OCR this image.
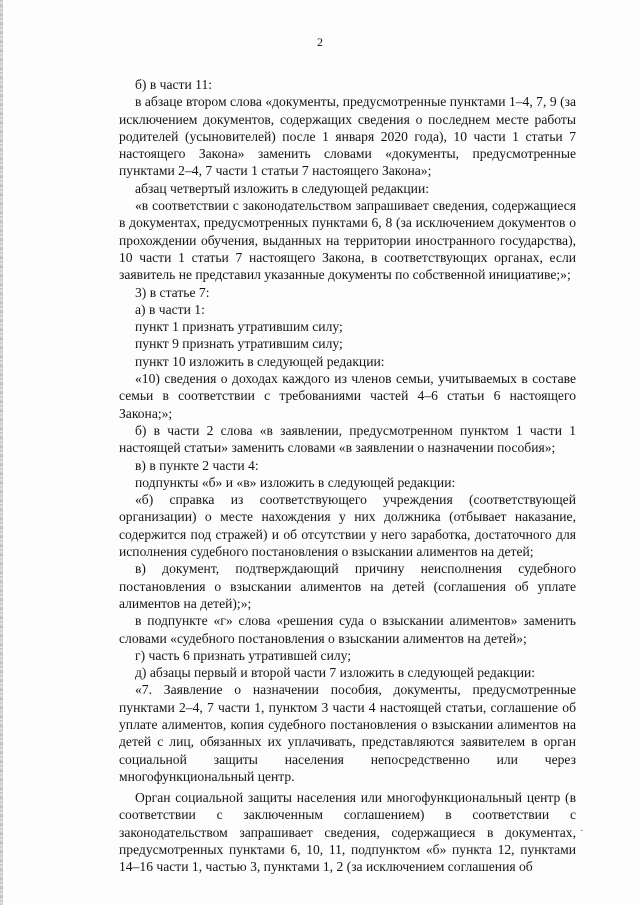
2

б) в части 11:

в абзаце втором слова «документы, предусмотренные пунктами 1–4, 7, 9 (за исключением документов, содержащих сведения о последнем месте работы родителей (усыновителей) после 1 января 2020 года), 10 части 1 статьи 7 настоящего Закона» заменить словами «документы, предусмотренные пунктами 2–4, 7 части 1 статьи 7 настоящего Закона»;

абзац четвертый изложить в следующей редакции:

«в соответствии с законодательством запрашивает сведения, содержащиеся в документах, предусмотренных пунктами 6, 8 (за исключением документов о прохождении обучения, выданных на территории иностранного государства), 10 части 1 статьи 7 настоящего Закона, в соответствующих органах, если заявитель не представил указанные документы по собственной инициативе;»;

3) в статье 7:

а) в части 1:

пункт 1 признать утратившим силу;

пункт 9 признать утратившим силу;

пункт 10 изложить в следующей редакции:

«10) сведения о доходах каждого из членов семьи, учитываемых в составе семьи в соответствии с требованиями частей 4–6 статьи 6 настоящего Закона;»;

б) в части 2 слова «в заявлении, предусмотренном пунктом 1 части 1 настоящей статьи» заменить словами «в заявлении о назначении пособия»;

в) в пункте 2 части 4:

подпункты «б» и «в» изложить в следующей редакции:

«б) справка из соответствующего учреждения (соответствующей организации) о месте нахождения у них должника (отбывает наказание, содержится под стражей) и об отсутствии у него заработка, достаточного для исполнения судебного постановления о взыскании алиментов на детей;

в) документ, подтверждающий причину неисполнения судебного постановления о взыскании алиментов на детей (соглашения об уплате алиментов на детей);»;

в подпункте «г» слова «решения суда о взыскании алиментов» заменить словами «судебного постановления о взыскании алиментов на детей»;

г) часть 6 признать утратившей силу;

д) абзацы первый и второй части 7 изложить в следующей редакции:

«7. Заявление о назначении пособия, документы, предусмотренные пунктами 2–4, 7 части 1, пунктом 3 части 4 настоящей статьи, соглашение об уплате алиментов, копия судебного постановления о взыскании алиментов на детей с лиц, обязанных их уплачивать, представляются заявителем в орган социальной защиты населения непосредственно или через многофункциональный центр.

Орган социальной защиты населения или многофункциональный центр (в соответствии с заключенным соглашением) в соответствии с законодательством запрашивает сведения, содержащиеся в документах, предусмотренных пунктами 6, 10, 11, подпунктом «б» пункта 12, пунктами 14–16 части 1, частью 3, пунктами 1, 2 (за исключением соглашения об

·
